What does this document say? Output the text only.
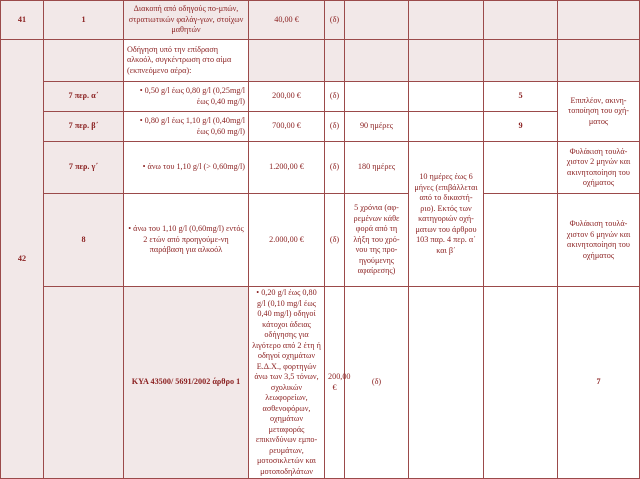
41	1	Διακοπή από οδηγούς πο-μπών, στρατιωτικών φαλάγ-γων, στοίχων μαθητών	40,00 €	(δ)					
42		Οδήγηση υπό την επίδραση αλκοόλ, συγκέντρωση στο αίμα (εκπνεόμενο αέρα):							
	7 περ. α΄	• 0,50 g/l έως 0,80 g/l (0,25mg/l έως 0,40 mg/l)	200,00 €	(δ)			5	Επιπλέον, ακινη-τοποίηση του οχή-ματος	
	7 περ. β΄	• 0,80 g/l έως 1,10 g/l (0,40mg/l έως 0,60 mg/l)	700,00 €	(δ)	90 ημέρες		9		
	7 περ. γ΄	• άνω του 1,10 g/l (> 0,60mg/l)	1.200,00 €	(δ)	180 ημέρες	10 ημέρες έως 6 μήνες (επιβάλλεται από το δικαστή-ριο). Εκτός των κατηγοριών οχή-ματων του άρθρου 103 παρ. 4 περ. α΄ και β΄		Φυλάκιση τουλά-χιστον 2 μηνών και ακινητοποίηση του οχήματος	
	8	• άνω του 1,10 g/l (0,60mg/l) εντός 2 ετών από προηγούμε-νη παράβαση για αλκοόλ	2.000,00 €	(δ)	5 χρόνια (αφ-ρεμένων κάθε φορά από τη λήξη του χρό-νου της προ-ηγούμενης αφαίρεσης)			Φυλάκιση τουλά-χιστον 6 μηνών και ακινητοποίηση του οχήματος	
		ΚΥΑ 43500/ 5691/2002 άρθρο 1	• 0,20 g/l έως 0,80 g/l (0,10 mg/l έως 0,40 mg/l) οδηγοί κάτοχοι άδειας οδήγησης για λιγότερο από 2 έτη ή οδηγοί οχημάτων Ε.Δ.Χ., φορτηγών άνω των 3,5 τόνων, σχολικών λεωφορείων, ασθενοφόρων, οχημάτων μεταφοράς επικινδύνων εμπο-ρευμάτων, μοτοσικλετών και μοτοποδηλάτων	200,00 €	(δ)			7	
